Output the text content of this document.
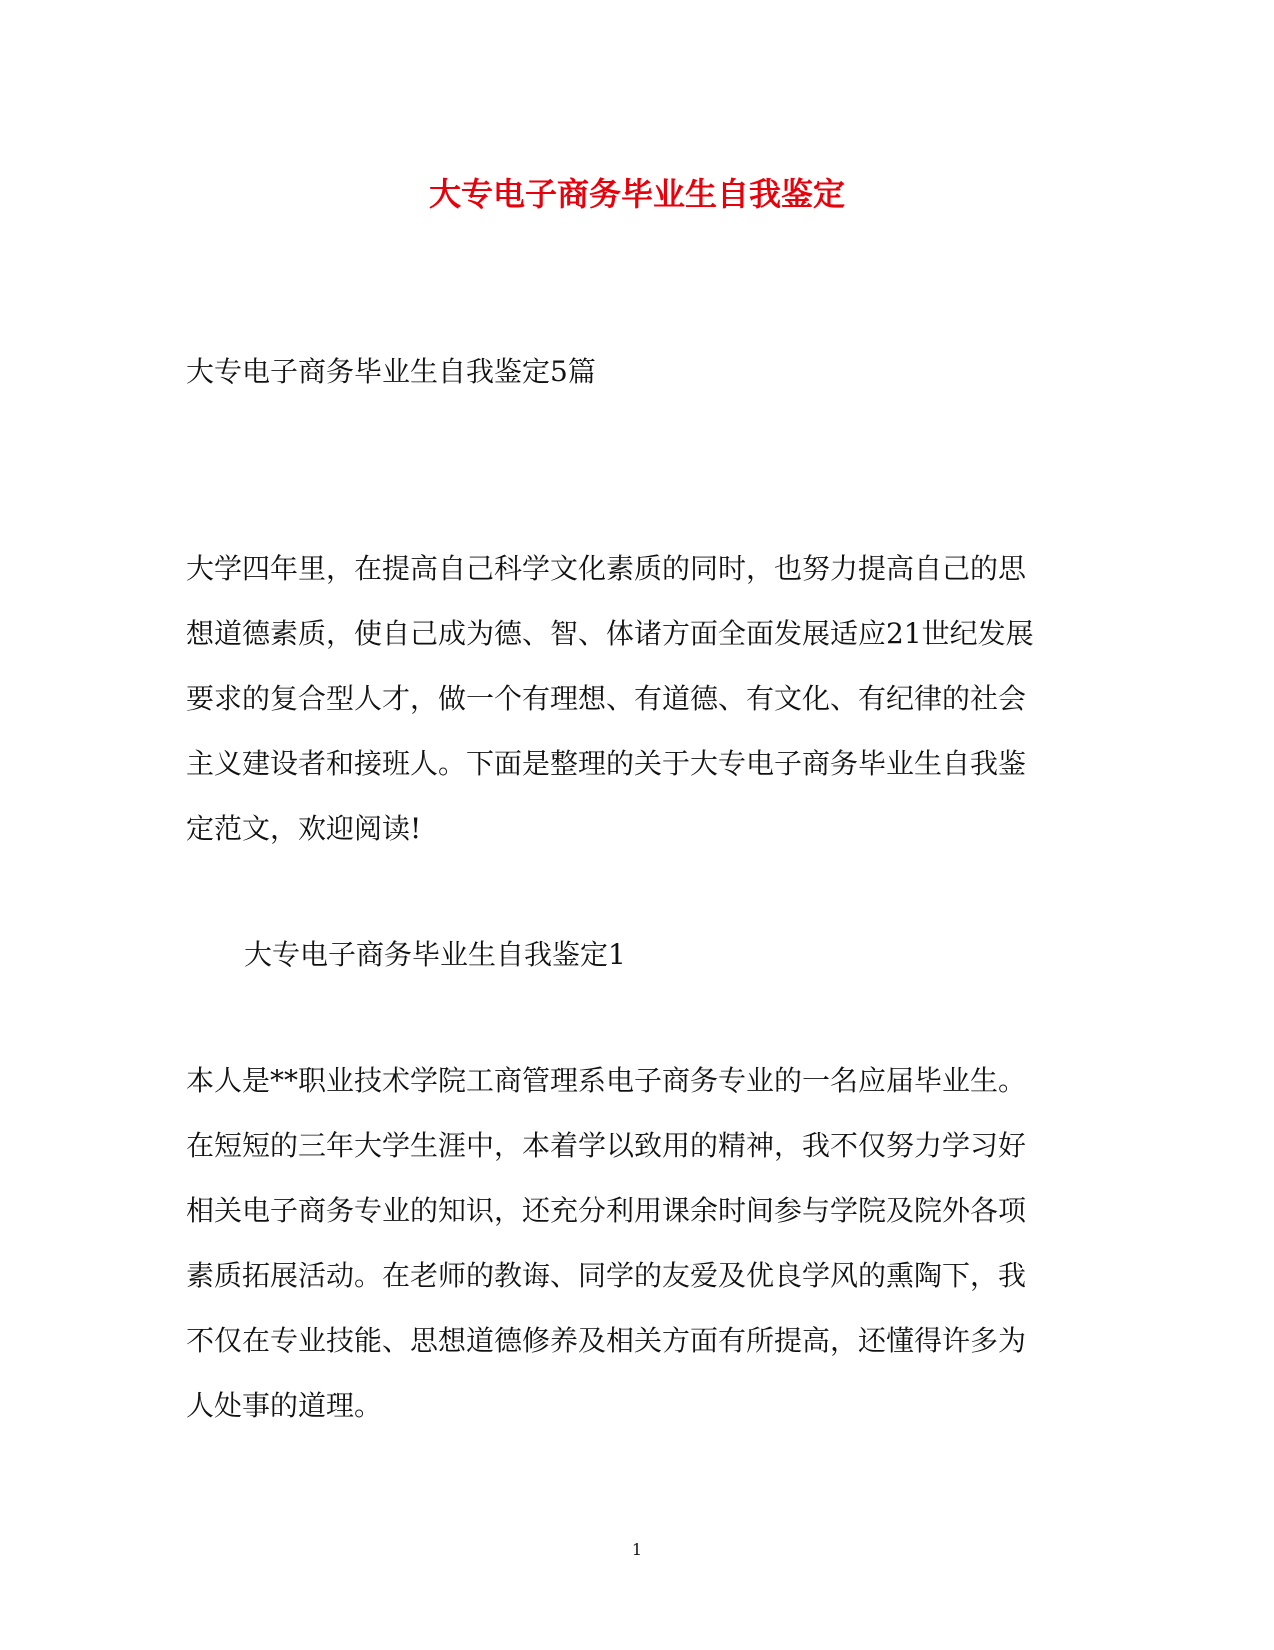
大专电子商务毕业生自我鉴定

大专电子商务毕业生自我鉴定5篇

大学四年里，在提高自己科学文化素质的同时，也努力提高自己的思
想道德素质，使自己成为德、智、体诸方面全面发展适应21世纪发展
要求的复合型人才，做一个有理想、有道德、有文化、有纪律的社会
主义建设者和接班人。下面是整理的关于大专电子商务毕业生自我鉴
定范文，欢迎阅读!

大专电子商务毕业生自我鉴定1

本人是**职业技术学院工商管理系电子商务专业的一名应届毕业生。
在短短的三年大学生涯中，本着学以致用的精神，我不仅努力学习好
相关电子商务专业的知识，还充分利用课余时间参与学院及院外各项
素质拓展活动。在老师的教诲、同学的友爱及优良学风的熏陶下，我
不仅在专业技能、思想道德修养及相关方面有所提高，还懂得许多为
人处事的道理。

1
